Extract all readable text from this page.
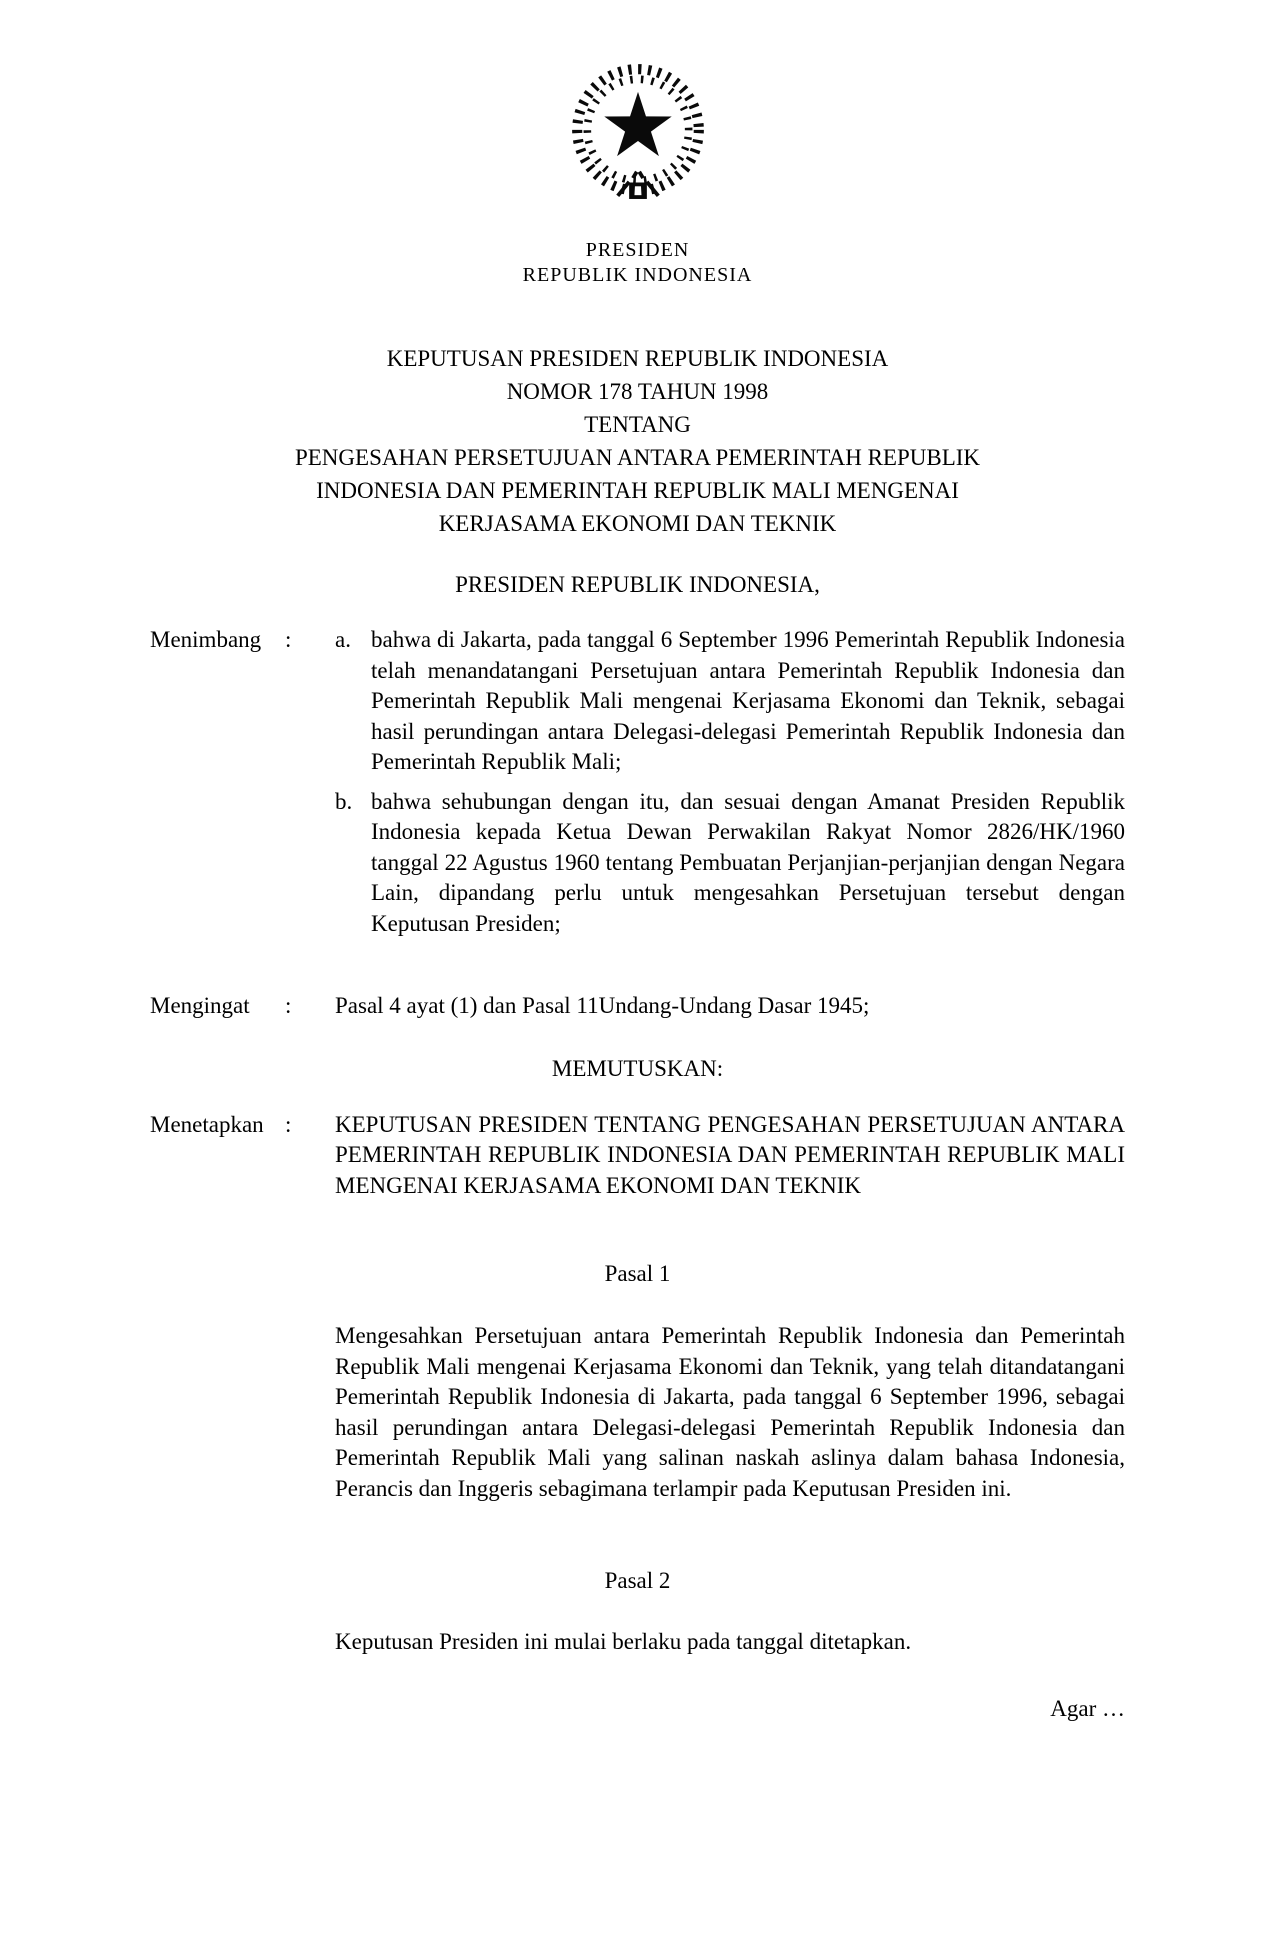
PRESIDEN
REPUBLIK INDONESIA
KEPUTUSAN PRESIDEN REPUBLIK INDONESIA
NOMOR 178 TAHUN 1998
TENTANG
PENGESAHAN PERSETUJUAN ANTARA PEMERINTAH REPUBLIK
INDONESIA DAN PEMERINTAH REPUBLIK MALI MENGENAI
KERJASAMA EKONOMI DAN TEKNIK
PRESIDEN REPUBLIK INDONESIA,
Menimbang	:	a. bahwa di Jakarta, pada tanggal 6 September 1996 Pemerintah Republik Indonesia telah menandatangani Persetujuan antara Pemerintah Republik Indonesia dan Pemerintah Republik Mali mengenai Kerjasama Ekonomi dan Teknik, sebagai hasil perundingan antara Delegasi-delegasi Pemerintah Republik Indonesia dan Pemerintah Republik Mali;
b. bahwa sehubungan dengan itu, dan sesuai dengan Amanat Presiden Republik Indonesia kepada Ketua Dewan Perwakilan Rakyat Nomor 2826/HK/1960 tanggal 22 Agustus 1960 tentang Pembuatan Perjanjian-perjanjian dengan Negara Lain, dipandang perlu untuk mengesahkan Persetujuan tersebut dengan Keputusan Presiden;
Mengingat	:	Pasal 4 ayat (1) dan Pasal 11Undang-Undang Dasar 1945;
MEMUTUSKAN:
Menetapkan :	KEPUTUSAN PRESIDEN TENTANG PENGESAHAN PERSETUJUAN ANTARA PEMERINTAH REPUBLIK INDONESIA DAN PEMERINTAH REPUBLIK MALI MENGENAI KERJASAMA EKONOMI DAN TEKNIK
Pasal 1
Mengesahkan Persetujuan antara Pemerintah Republik Indonesia dan Pemerintah Republik Mali mengenai Kerjasama Ekonomi dan Teknik, yang telah ditandatangani Pemerintah Republik Indonesia di Jakarta, pada tanggal 6 September 1996, sebagai hasil perundingan antara Delegasi-delegasi Pemerintah Republik Indonesia dan Pemerintah Republik Mali yang salinan naskah aslinya dalam bahasa Indonesia, Perancis dan Inggeris sebagimana terlampir pada Keputusan Presiden ini.
Pasal 2
Keputusan Presiden ini mulai berlaku pada tanggal ditetapkan.
Agar …
